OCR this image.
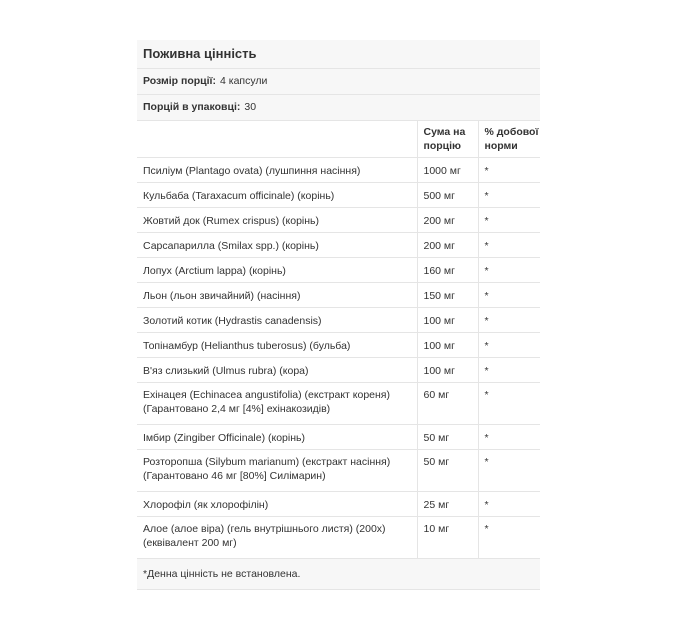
Поживна цінність
Розмір порції: 4 капсули
Порцій в упаковці: 30
	Сума на порцію	% добової норми
Псиліум (Plantago ovata) (лушпиння насіння)	1000 мг	*
Кульбаба (Taraxacum officinale) (корінь)	500 мг	*
Жовтий док (Rumex crispus) (корінь)	200 мг	*
Сарсапарилла (Smilax spp.) (корінь)	200 мг	*
Лопух (Arctium lappa) (корінь)	160 мг	*
Льон (льон звичайний) (насіння)	150 мг	*
Золотий котик (Hydrastis canadensis)	100 мг	*
Топінамбур (Helianthus tuberosus) (бульба)	100 мг	*
В'яз слизький (Ulmus rubra) (кора)	100 мг	*
Ехінацея (Echinacea angustifolia) (екстракт кореня) (Гарантовано 2,4 мг [4%] ехінакозидів)	60 мг	*
Імбир (Zingiber Officinale) (корінь)	50 мг	*
Розторопша (Silybum marianum) (екстракт насіння) (Гарантовано 46 мг [80%] Силімарин)	50 мг	*
Хлорофіл (як хлорофілін)	25 мг	*
Алое (алое віра) (гель внутрішнього листя) (200x) (еквівалент 200 мг)	10 мг	*
*Денна цінність не встановлена.
